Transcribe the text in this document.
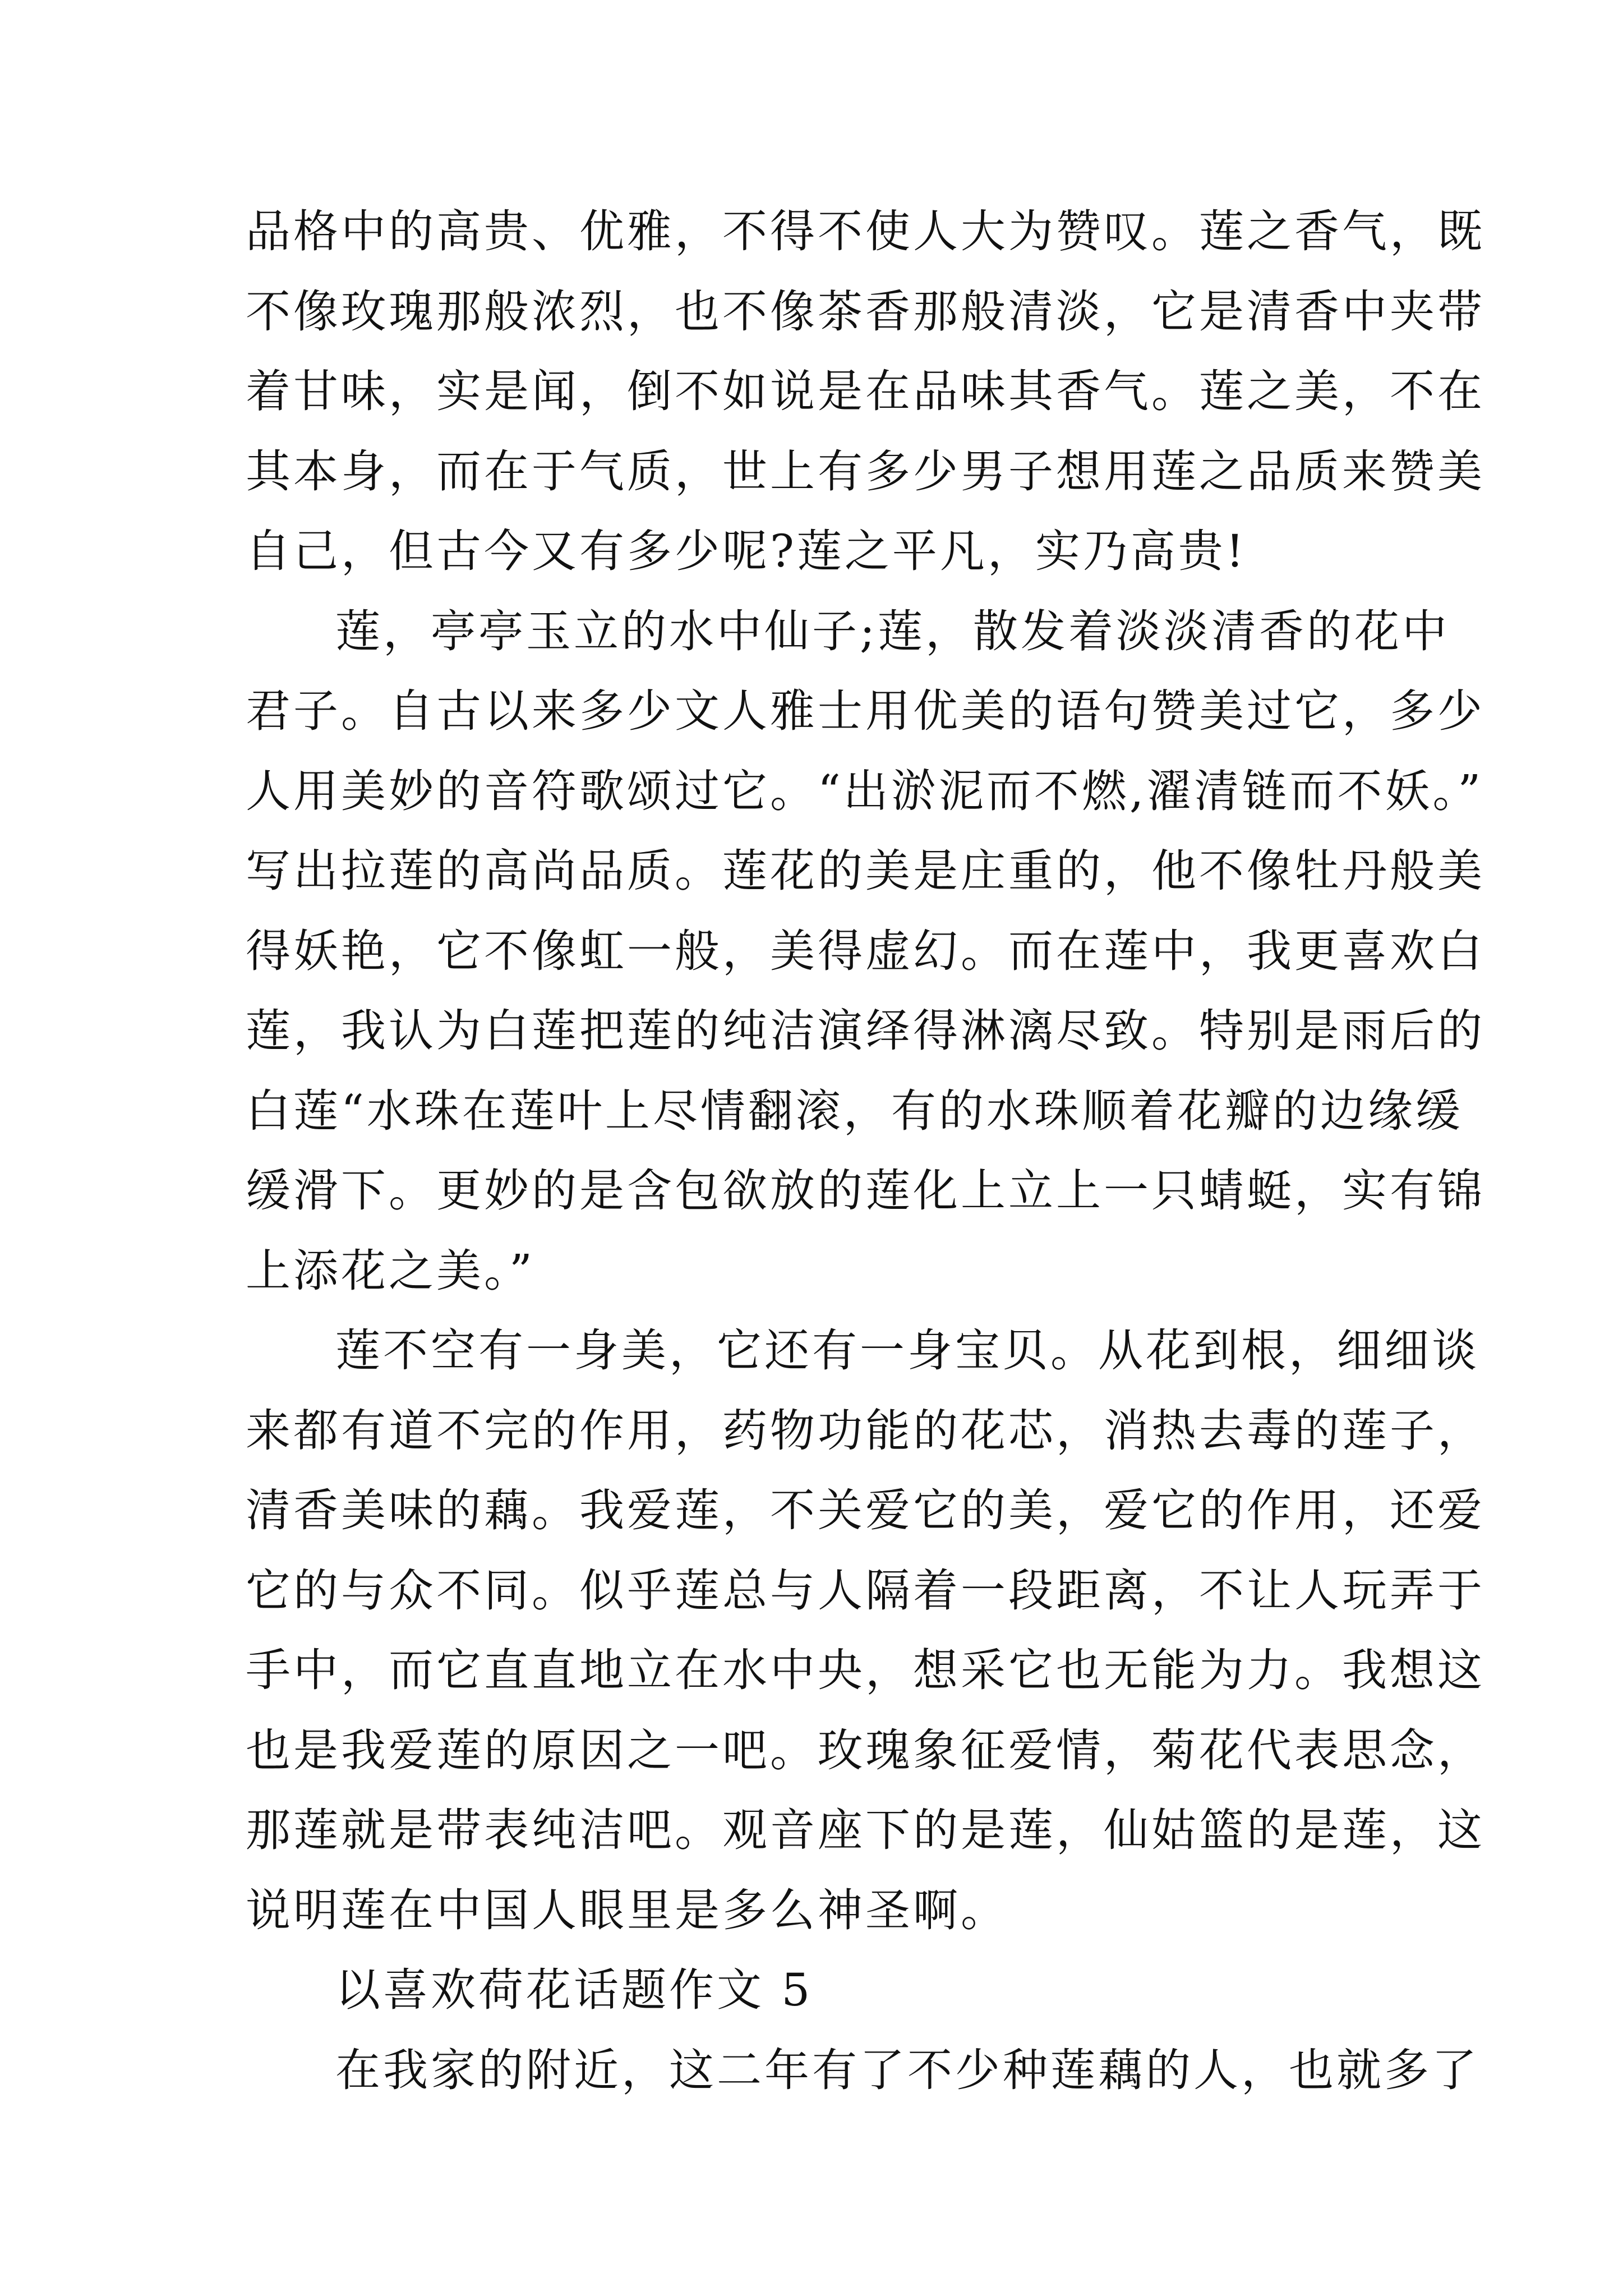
品格中的高贵、优雅，不得不使人大为赞叹。莲之香气，既
不像玫瑰那般浓烈，也不像茶香那般清淡，它是清香中夹带
着甘味，实是闻，倒不如说是在品味其香气。莲之美，不在
其本身，而在于气质，世上有多少男子想用莲之品质来赞美
自己，但古今又有多少呢?莲之平凡，实乃高贵!
莲，亭亭玉立的水中仙子;莲，散发着淡淡清香的花中
君子。自古以来多少文人雅士用优美的语句赞美过它，多少
人用美妙的音符歌颂过它。“出淤泥而不燃,濯清链而不妖。”
写出拉莲的高尚品质。莲花的美是庄重的，他不像牡丹般美
得妖艳，它不像虹一般，美得虚幻。而在莲中，我更喜欢白
莲，我认为白莲把莲的纯洁演绎得淋漓尽致。特别是雨后的
白莲“水珠在莲叶上尽情翻滚，有的水珠顺着花瓣的边缘缓
缓滑下。更妙的是含包欲放的莲化上立上一只蜻蜓，实有锦
上添花之美。”
莲不空有一身美，它还有一身宝贝。从花到根，细细谈
来都有道不完的作用，药物功能的花芯，消热去毒的莲子，
清香美味的藕。我爱莲，不关爱它的美，爱它的作用，还爱
它的与众不同。似乎莲总与人隔着一段距离，不让人玩弄于
手中，而它直直地立在水中央，想采它也无能为力。我想这
也是我爱莲的原因之一吧。玫瑰象征爱情，菊花代表思念，
那莲就是带表纯洁吧。观音座下的是莲，仙姑篮的是莲，这
说明莲在中国人眼里是多么神圣啊。
以喜欢荷花话题作文 5
在我家的附近，这二年有了不少种莲藕的人，也就多了
